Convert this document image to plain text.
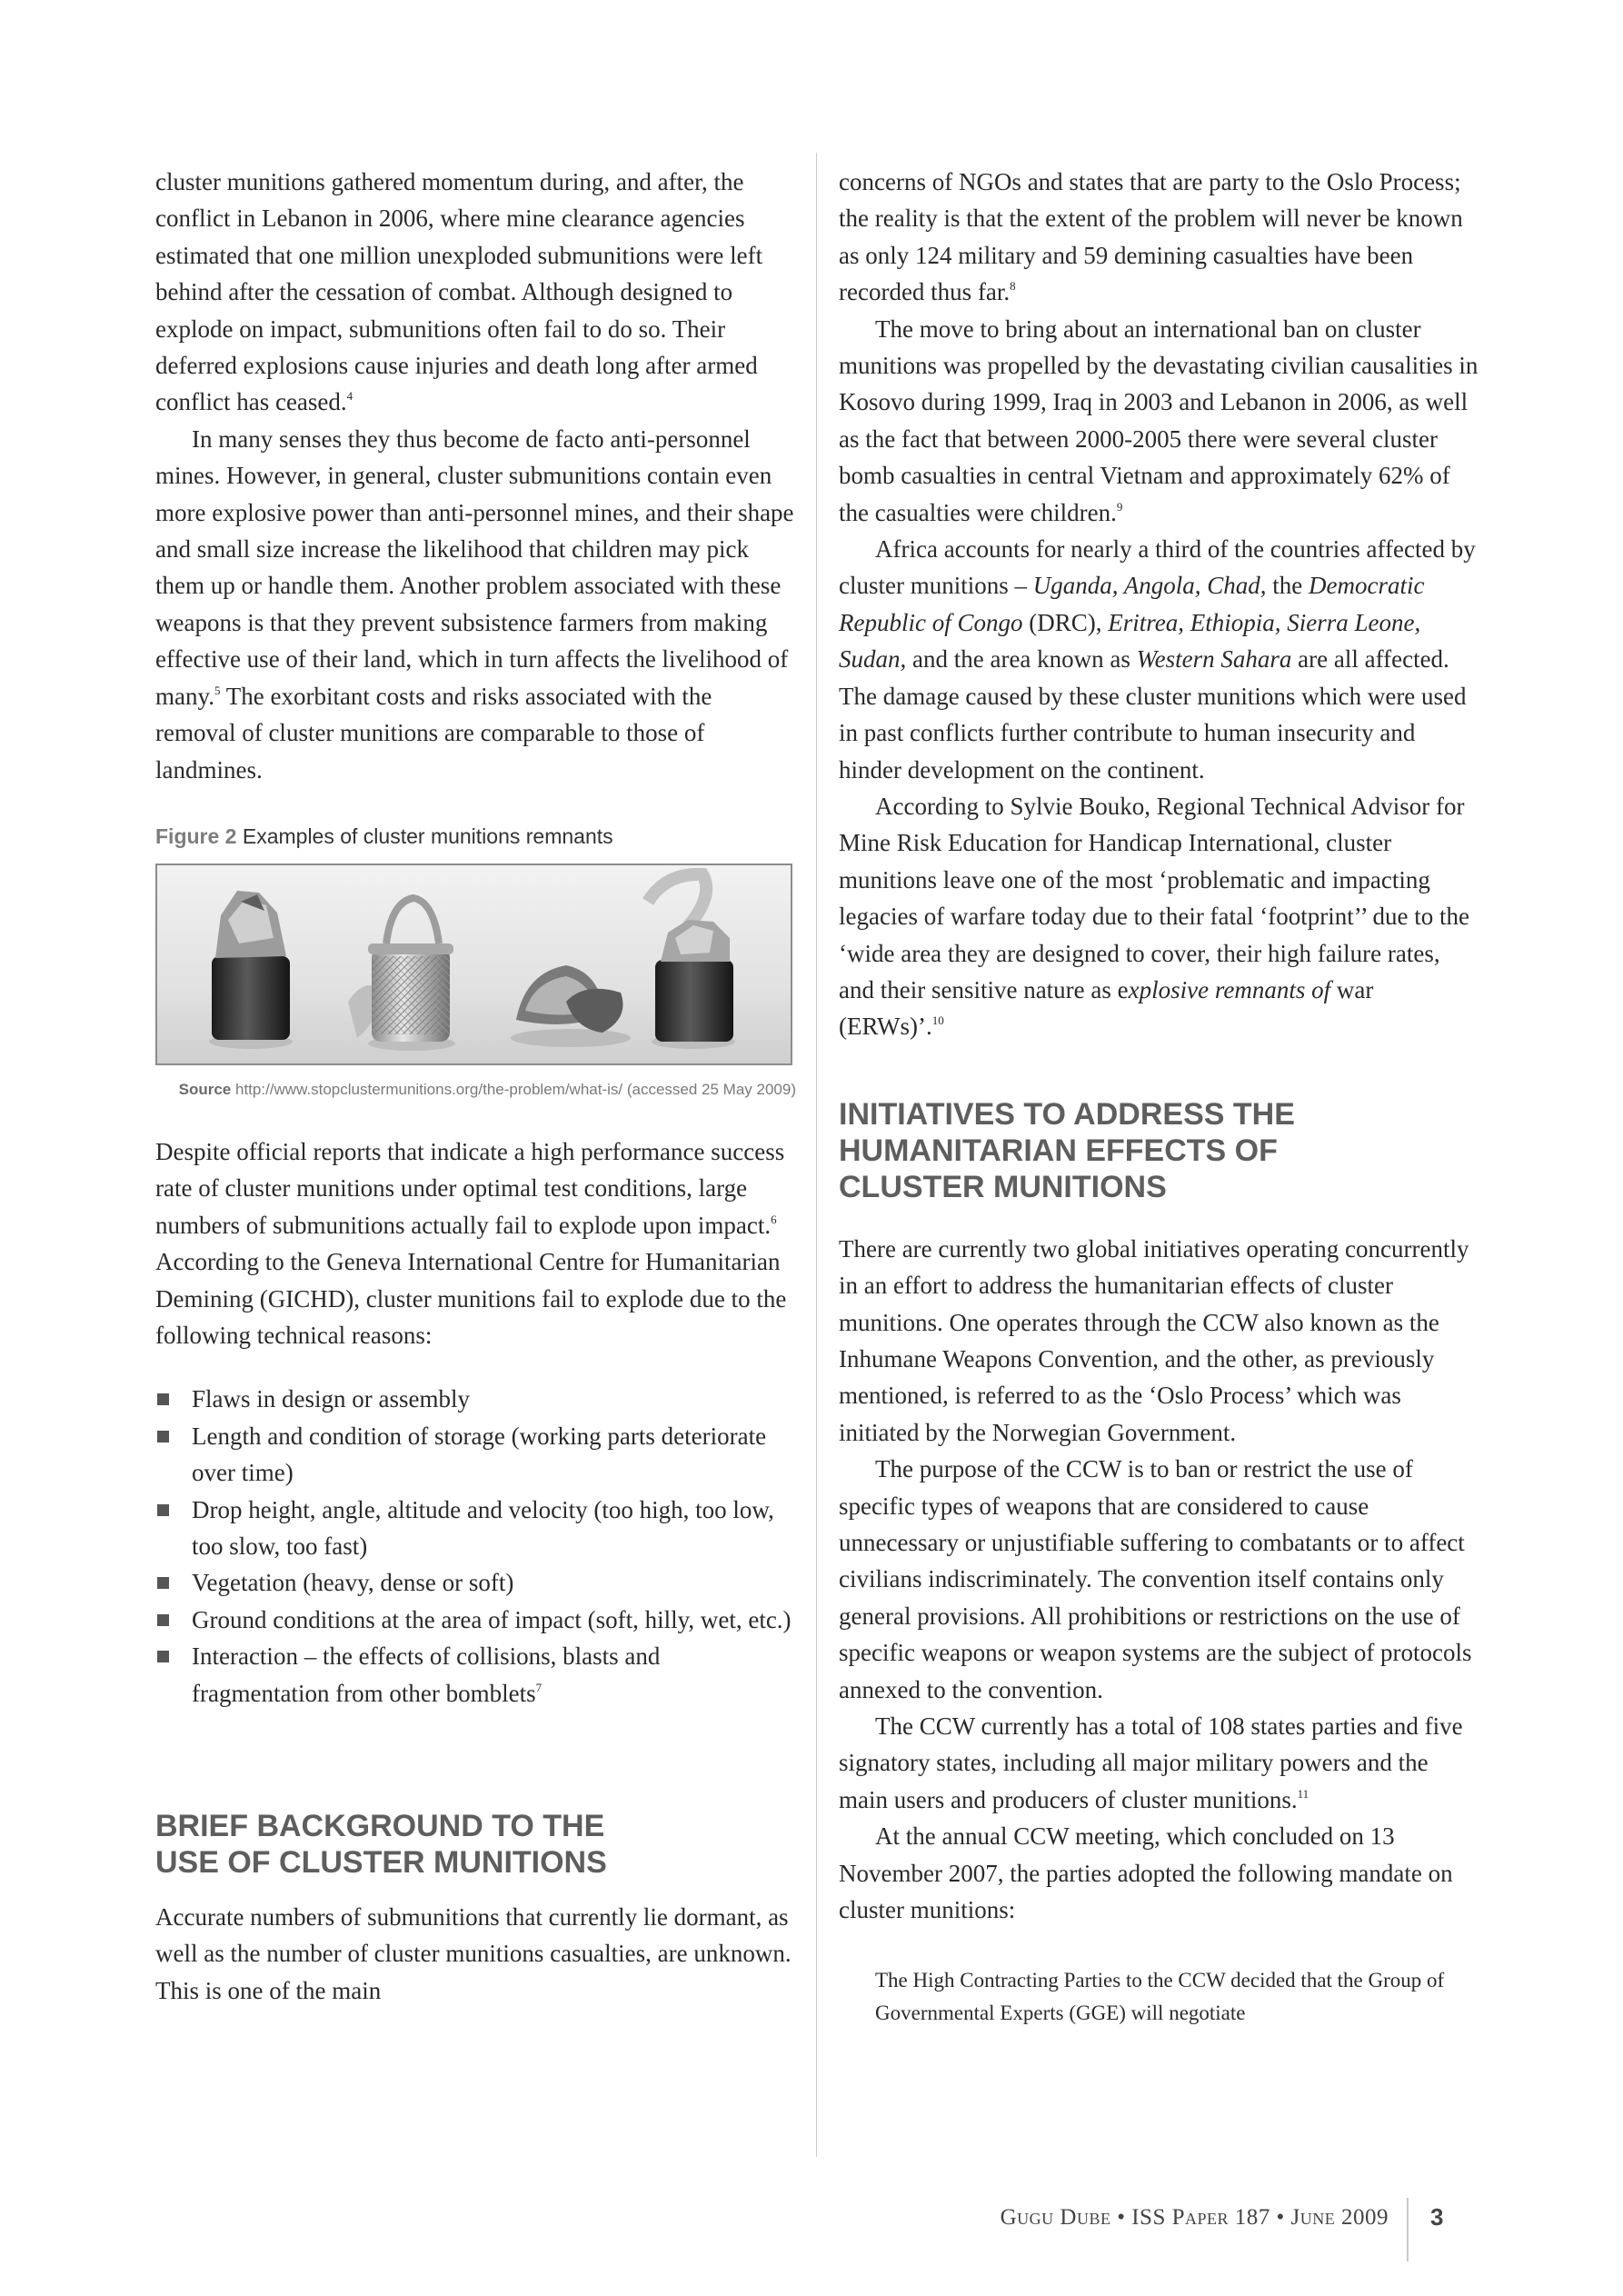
cluster munitions gathered momentum during, and after, the conflict in Lebanon in 2006, where mine clearance agencies estimated that one million unexploded submunitions were left behind after the cessation of combat. Although designed to explode on impact, submunitions often fail to do so. Their deferred explosions cause injuries and death long after armed conflict has ceased.$^4$

In many senses they thus become de facto anti-personnel mines. However, in general, cluster submunitions contain even more explosive power than anti-personnel mines, and their shape and small size increase the likelihood that children may pick them up or handle them. Another problem associated with these weapons is that they prevent subsistence farmers from making effective use of their land, which in turn affects the livelihood of many.$^5$ The exorbitant costs and risks associated with the removal of cluster munitions are comparable to those of landmines.

Figure 2 Examples of cluster munitions remnants
Source http://www.stopclustermunitions.org/the-problem/what-is/ (accessed 25 May 2009)

Despite official reports that indicate a high performance success rate of cluster munitions under optimal test conditions, large numbers of submunitions actually fail to explode upon impact.$^6$ According to the Geneva International Centre for Humanitarian Demining (GICHD), cluster munitions fail to explode due to the following technical reasons:

Flaws in design or assembly
Length and condition of storage (working parts deteriorate over time)
Drop height, angle, altitude and velocity (too high, too low, too slow, too fast)
Vegetation (heavy, dense or soft)
Ground conditions at the area of impact (soft, hilly, wet, etc.)
Interaction – the effects of collisions, blasts and fragmentation from other bomblets$^7$
BRIEF BACKGROUND TO THE
USE OF CLUSTER MUNITIONS

Accurate numbers of submunitions that currently lie dormant, as well as the number of cluster munitions casualties, are unknown. This is one of the main

concerns of NGOs and states that are party to the Oslo Process; the reality is that the extent of the problem will never be known as only 124 military and 59 demining casualties have been recorded thus far.$^8$

The move to bring about an international ban on cluster munitions was propelled by the devastating civilian causalities in Kosovo during 1999, Iraq in 2003 and Lebanon in 2006, as well as the fact that between 2000-2005 there were several cluster bomb casualties in central Vietnam and approximately 62% of the casualties were children.$^9$

Africa accounts for nearly a third of the countries affected by cluster munitions – Uganda, Angola, Chad, the Democratic Republic of Congo (DRC), Eritrea, Ethiopia, Sierra Leone, Sudan, and the area known as Western Sahara are all affected. The damage caused by these cluster munitions which were used in past conflicts further contribute to human insecurity and hinder development on the continent.

According to Sylvie Bouko, Regional Technical Advisor for Mine Risk Education for Handicap International, cluster munitions leave one of the most ‘problematic and impacting legacies of warfare today due to their fatal ‘footprint’’ due to the ‘wide area they are designed to cover, their high failure rates, and their sensitive nature as explosive remnants of war (ERWs)’.$^{10}$

INITIATIVES TO ADDRESS THE
HUMANITARIAN EFFECTS OF
CLUSTER MUNITIONS

There are currently two global initiatives operating concurrently in an effort to address the humanitarian effects of cluster munitions. One operates through the CCW also known as the Inhumane Weapons Convention, and the other, as previously mentioned, is referred to as the ‘Oslo Process’ which was initiated by the Norwegian Government.

The purpose of the CCW is to ban or restrict the use of specific types of weapons that are considered to cause unnecessary or unjustifiable suffering to combatants or to affect civilians indiscriminately. The convention itself contains only general provisions. All prohibitions or restrictions on the use of specific weapons or weapon systems are the subject of protocols annexed to the convention.

The CCW currently has a total of 108 states parties and five signatory states, including all major military powers and the main users and producers of cluster munitions.$^{11}$

At the annual CCW meeting, which concluded on 13 November 2007, the parties adopted the following mandate on cluster munitions:

The High Contracting Parties to the CCW decided that the Group of Governmental Experts (GGE) will negotiate

Gugu Dube • ISS Paper 187 • June 2009 3
